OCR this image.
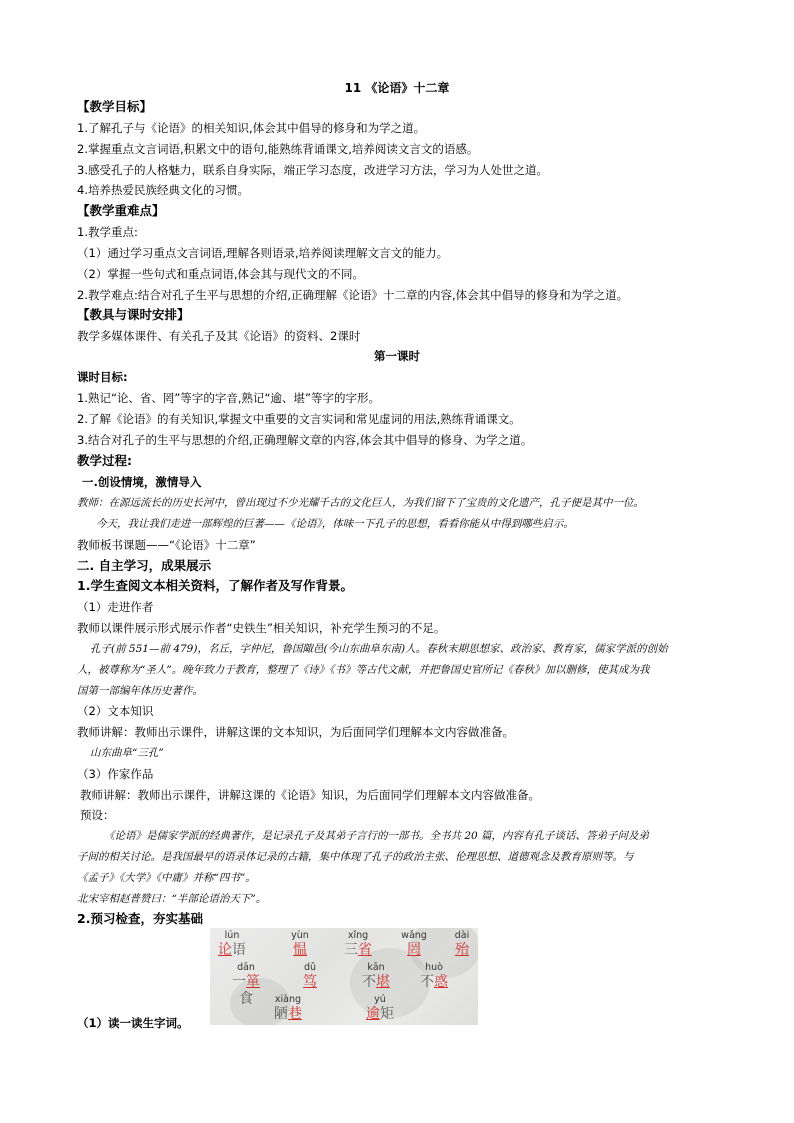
11 《论语》十二章
【教学目标】
1.了解孔子与《论语》的相关知识,体会其中倡导的修身和为学之道。
2.掌握重点文言词语,积累文中的语句,能熟练背诵课文,培养阅读文言文的语感。
3.感受孔子的人格魅力，联系自身实际，端正学习态度，改进学习方法，学习为人处世之道。
4.培养热爱民族经典文化的习惯。
【教学重难点】
1.教学重点:
（1）通过学习重点文言词语,理解各则语录,培养阅读理解文言文的能力。
（2）掌握一些句式和重点词语,体会其与现代文的不同。
2.教学难点:结合对孔子生平与思想的介绍,正确理解《论语》十二章的内容,体会其中倡导的修身和为学之道。
【教具与课时安排】
教学多媒体课件、有关孔子及其《论语》的资料、2课时
第一课时
课时目标:
1.熟记“论、省、罔”等字的字音,熟记“逾、堪”等字的字形。
2.了解《论语》的有关知识,掌握文中重要的文言实词和常见虚词的用法,熟练背诵课文。
3.结合对孔子的生平与思想的介绍,正确理解文章的内容,体会其中倡导的修身、为学之道。
教学过程:
一.创设情境，激情导入
教师：在源远流长的历史长河中，曾出现过不少光耀千古的文化巨人，为我们留下了宝贵的文化遗产，孔子便是其中一位。
今天，我让我们走进一部辉煌的巨著——《论语》，体味一下孔子的思想，看看你能从中得到哪些启示。
教师板书课题——“《论语》十二章”
二. 自主学习，成果展示
1.学生查阅文本相关资料，了解作者及写作背景。
（1）走进作者
教师以课件展示形式展示作者“史铁生”相关知识，补充学生预习的不足。
孔子(前 551—前 479)，名丘，字仲尼，鲁国陬邑(今山东曲阜东南)人。春秋末期思想家、政治家、教育家，儒家学派的创始
人，被尊称为“圣人”。晚年致力于教育，整理了《诗》《书》等古代文献，并把鲁国史官所记《春秋》加以删修，使其成为我
国第一部编年体历史著作。
（2）文本知识
教师讲解：教师出示课件，讲解这课的文本知识，为后面同学们理解本文内容做准备。
山东曲阜“三孔”
（3）作家作品
教师讲解：教师出示课件，讲解这课的《论语》知识，为后面同学们理解本文内容做准备。
预设：
《论语》是儒家学派的经典著作，是记录孔子及其弟子言行的一部书。全书共 20 篇，内容有孔子谈话、答弟子问及弟
子间的相关讨论。是我国最早的语录体记录的古籍，集中体现了孔子的政治主张、伦理思想、道德观念及教育原则等。与
《孟子》《大学》《中庸》并称“四书”。
北宋宰相赵普赞曰：“半部论语治天下”。
2.预习检查，夯实基础
lún
论语
yùn
愠
xǐng
三省
wǎng
罔
dài
殆
dān
一箪食
dǔ
笃
kān
不堪
huò
不惑
xiàng
陋巷
yú
逾矩
（1）读一读生字词。
